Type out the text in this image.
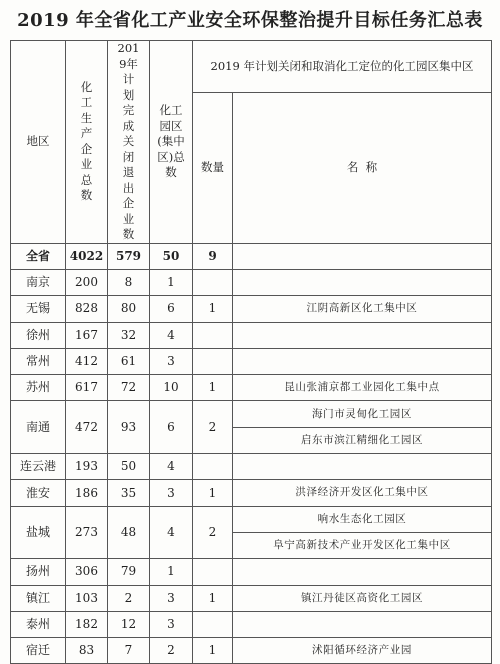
2019 年全省化工产业安全环保整治提升目标任务汇总表
地区	化工生产企业总数	2019年计划完成关闭退出企业数	化工园区(集中区)总数	2019 年计划关闭和取消化工定位的化工园区集中区	
				数量	名  称
全省	4022	579	50	9	
南京	200	8	1		
无锡	828	80	6	1	江阴高新区化工集中区
徐州	167	32	4		
常州	412	61	3		
苏州	617	72	10	1	昆山张浦京都工业园化工集中点
南通	472	93	6	2	海门市灵甸化工园区
					启东市滨江精细化工园区
连云港	193	50	4		
淮安	186	35	3	1	洪泽经济开发区化工集中区
盐城	273	48	4	2	响水生态化工园区
					阜宁高新技术产业开发区化工集中区
扬州	306	79	1		
镇江	103	2	3	1	镇江丹徒区高资化工园区
泰州	182	12	3		
宿迁	83	7	2	1	沭阳循环经济产业园
